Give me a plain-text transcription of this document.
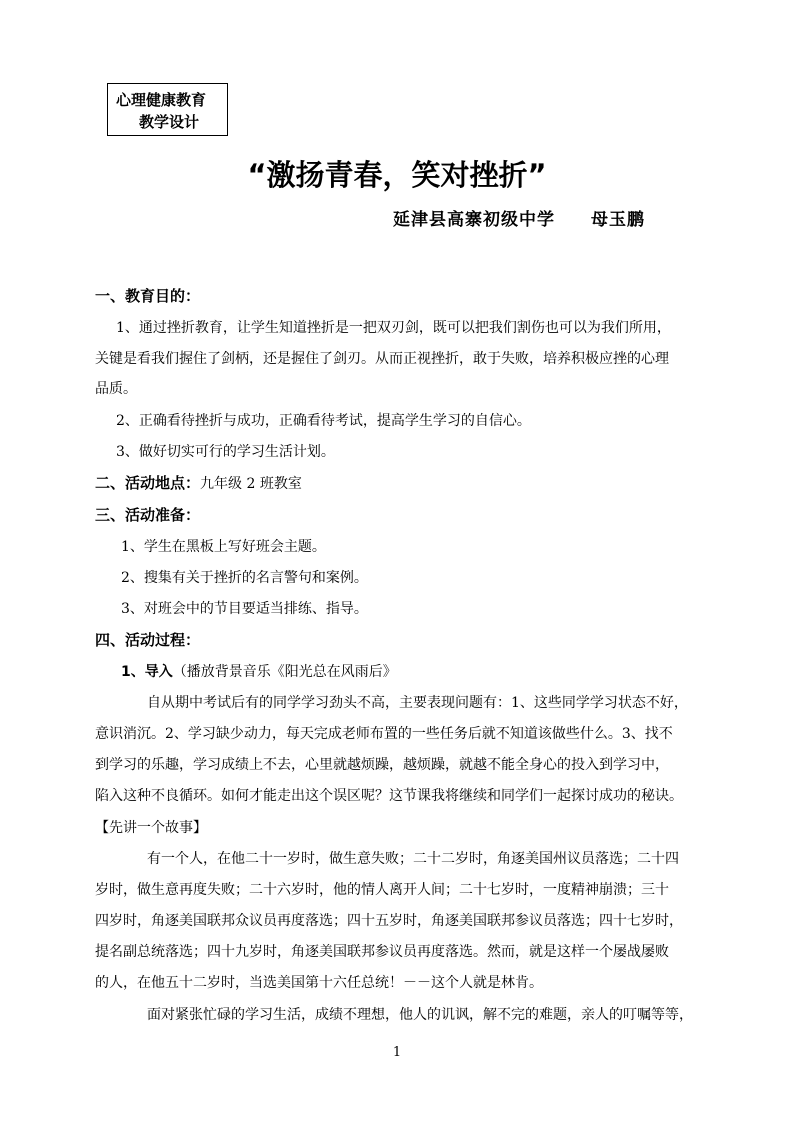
心理健康教育
教学设计
“激扬青春，笑对挫折”
延津县高寨初级中学　　母玉鹏
一、教育目的：
1、通过挫折教育，让学生知道挫折是一把双刃剑，既可以把我们割伤也可以为我们所用，
关键是看我们握住了剑柄，还是握住了剑刃。从而正视挫折，敢于失败，培养积极应挫的心理
品质。
2、正确看待挫折与成功，正确看待考试，提高学生学习的自信心。
3、做好切实可行的学习生活计划。
二、活动地点：九年级 2 班教室
三、活动准备：
1、学生在黑板上写好班会主题。
2、搜集有关于挫折的名言警句和案例。
3、对班会中的节目要适当排练、指导。
四、活动过程：
1、导入（播放背景音乐《阳光总在风雨后》
自从期中考试后有的同学学习劲头不高，主要表现问题有：1、这些同学学习状态不好，
意识消沉。2、学习缺少动力，每天完成老师布置的一些任务后就不知道该做些什么。3、找不
到学习的乐趣，学习成绩上不去，心里就越烦躁，越烦躁，就越不能全身心的投入到学习中，
陷入这种不良循环。如何才能走出这个误区呢？这节课我将继续和同学们一起探讨成功的秘诀。
【先讲一个故事】
有一个人，在他二十一岁时，做生意失败；二十二岁时，角逐美国州议员落选；二十四
岁时，做生意再度失败；二十六岁时，他的情人离开人间；二十七岁时，一度精神崩溃；三十
四岁时，角逐美国联邦众议员再度落选；四十五岁时，角逐美国联邦参议员落选；四十七岁时，
提名副总统落选；四十九岁时，角逐美国联邦参议员再度落选。然而，就是这样一个屡战屡败
的人，在他五十二岁时，当选美国第十六任总统！－－这个人就是林肯。
面对紧张忙碌的学习生活，成绩不理想，他人的讥讽，解不完的难题，亲人的叮嘱等等，
1
